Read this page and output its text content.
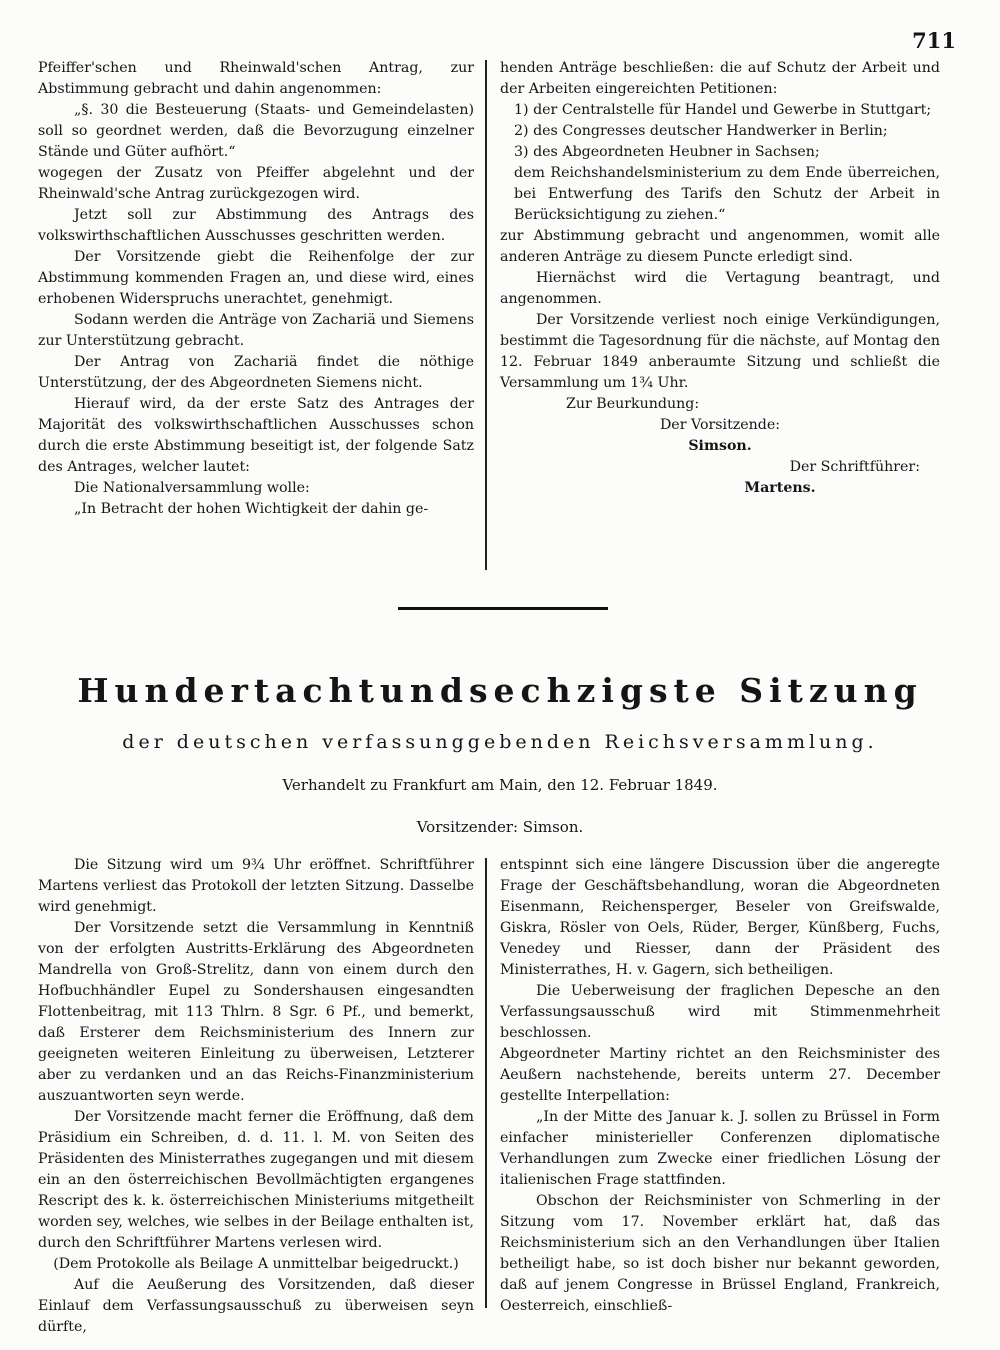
711

Pfeiffer'schen und Rheinwald'schen Antrag, zur Abstimmung gebracht und dahin angenommen:

„§. 30 die Besteuerung (Staats- und Gemeindelasten) soll so geordnet werden, daß die Bevorzugung einzelner Stände und Güter aufhört.“

wogegen der Zusatz von Pfeiffer abgelehnt und der Rheinwald'sche Antrag zurückgezogen wird.

Jetzt soll zur Abstimmung des Antrags des volkswirthschaftlichen Ausschusses geschritten werden.

Der Vorsitzende giebt die Reihenfolge der zur Abstimmung kommenden Fragen an, und diese wird, eines erhobenen Widerspruchs unerachtet, genehmigt.

Sodann werden die Anträge von Zachariä und Siemens zur Unterstützung gebracht.

Der Antrag von Zachariä findet die nöthige Unterstützung, der des Abgeordneten Siemens nicht.

Hierauf wird, da der erste Satz des Antrages der Majorität des volkswirthschaftlichen Ausschusses schon durch die erste Abstimmung beseitigt ist, der folgende Satz des Antrages, welcher lautet:

Die Nationalversammlung wolle:

„In Betracht der hohen Wichtigkeit der dahin ge-

henden Anträge beschließen: die auf Schutz der Arbeit und der Arbeiten eingereichten Petitionen:

1) der Centralstelle für Handel und Gewerbe in Stuttgart;

2) des Congresses deutscher Handwerker in Berlin;

3) des Abgeordneten Heubner in Sachsen;

dem Reichshandelsministerium zu dem Ende überreichen, bei Entwerfung des Tarifs den Schutz der Arbeit in Berücksichtigung zu ziehen.“

zur Abstimmung gebracht und angenommen, womit alle anderen Anträge zu diesem Puncte erledigt sind.

Hiernächst wird die Vertagung beantragt, und angenommen.

Der Vorsitzende verliest noch einige Verkündigungen, bestimmt die Tagesordnung für die nächste, auf Montag den 12. Februar 1849 anberaumte Sitzung und schließt die Versammlung um 1¾ Uhr.

Zur Beurkundung:

Der Vorsitzende:

Simson.

Der Schriftführer:

Martens.

Hundertachtundsechzigste Sitzung
der deutschen verfassunggebenden Reichsversammlung.
Verhandelt zu Frankfurt am Main, den 12. Februar 1849.
Vorsitzender: Simson.

Die Sitzung wird um 9¾ Uhr eröffnet. Schriftführer Martens verliest das Protokoll der letzten Sitzung. Dasselbe wird genehmigt.

Der Vorsitzende setzt die Versammlung in Kenntniß von der erfolgten Austritts-Erklärung des Abgeordneten Mandrella von Groß-Strelitz, dann von einem durch den Hofbuchhändler Eupel zu Sondershausen eingesandten Flottenbeitrag, mit 113 Thlrn. 8 Sgr. 6 Pf., und bemerkt, daß Ersterer dem Reichsministerium des Innern zur geeigneten weiteren Einleitung zu überweisen, Letzterer aber zu verdanken und an das Reichs-Finanzministerium auszuantworten seyn werde.

Der Vorsitzende macht ferner die Eröffnung, daß dem Präsidium ein Schreiben, d. d. 11. l. M. von Seiten des Präsidenten des Ministerrathes zugegangen und mit diesem ein an den österreichischen Bevollmächtigten ergangenes Rescript des k. k. österreichischen Ministeriums mitgetheilt worden sey, welches, wie selbes in der Beilage enthalten ist, durch den Schriftführer Martens verlesen wird.

(Dem Protokolle als Beilage A unmittelbar beigedruckt.)

Auf die Aeußerung des Vorsitzenden, daß dieser Einlauf dem Verfassungsausschuß zu überweisen seyn dürfte,

entspinnt sich eine längere Discussion über die angeregte Frage der Geschäftsbehandlung, woran die Abgeordneten Eisenmann, Reichensperger, Beseler von Greifswalde, Giskra, Rösler von Oels, Rüder, Berger, Künßberg, Fuchs, Venedey und Riesser, dann der Präsident des Ministerrathes, H. v. Gagern, sich betheiligen.

Die Ueberweisung der fraglichen Depesche an den Verfassungsausschuß wird mit Stimmenmehrheit beschlossen.

Abgeordneter Martiny richtet an den Reichsminister des Aeußern nachstehende, bereits unterm 27. December gestellte Interpellation:

„In der Mitte des Januar k. J. sollen zu Brüssel in Form einfacher ministerieller Conferenzen diplomatische Verhandlungen zum Zwecke einer friedlichen Lösung der italienischen Frage stattfinden.

Obschon der Reichsminister von Schmerling in der Sitzung vom 17. November erklärt hat, daß das Reichsministerium sich an den Verhandlungen über Italien betheiligt habe, so ist doch bisher nur bekannt geworden, daß auf jenem Congresse in Brüssel England, Frankreich, Oesterreich, einschließ-
